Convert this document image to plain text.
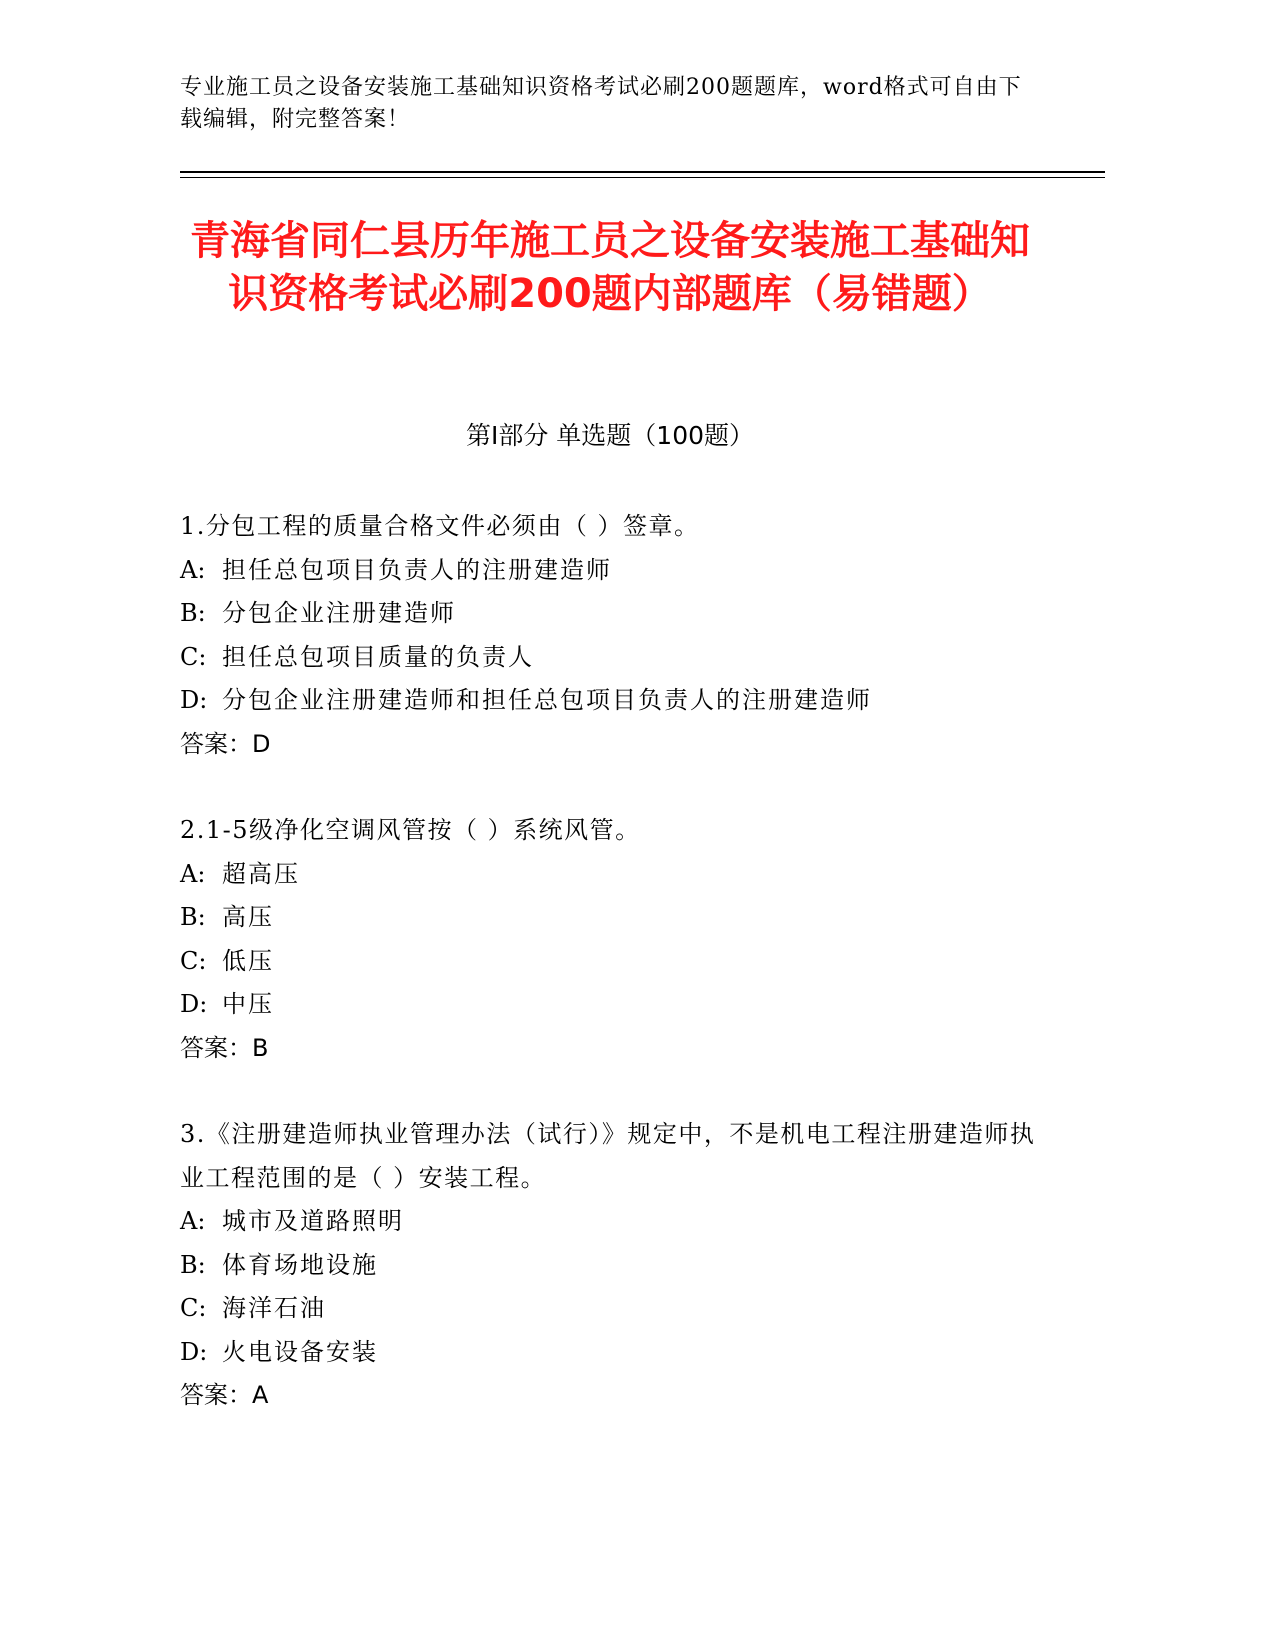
专业施工员之设备安装施工基础知识资格考试必刷200题题库，word格式可自由下载编辑，附完整答案！
青海省同仁县历年施工员之设备安装施工基础知识资格考试必刷200题内部题库（易错题）
第Ⅰ部分 单选题（100题）

1.分包工程的质量合格文件必须由（ ）签章。

A: 担任总包项目负责人的注册建造师

B: 分包企业注册建造师

C: 担任总包项目质量的负责人

D: 分包企业注册建造师和担任总包项目负责人的注册建造师

答案：D

2.1-5级净化空调风管按（ ）系统风管。

A: 超高压

B: 高压

C: 低压

D: 中压

答案：B

3.《注册建造师执业管理办法（试行）》规定中，不是机电工程注册建造师执业工程范围的是（ ）安装工程。

A: 城市及道路照明

B: 体育场地设施

C: 海洋石油

D: 火电设备安装

答案：A
